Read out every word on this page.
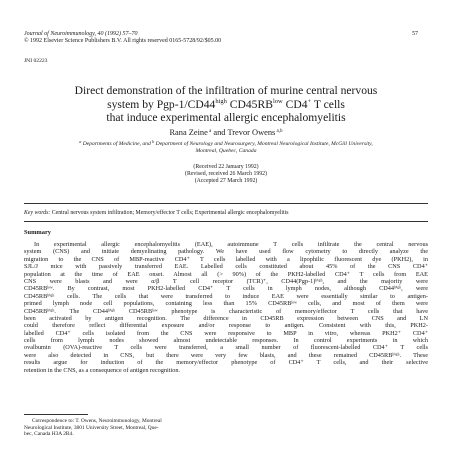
Journal of Neuroimmunology, 40 (1992) 57–70
© 1992 Elsevier Science Publishers B.V. All rights reserved 0165-5728/92/$05.00
57
JNI 02223
Direct demonstration of the infiltration of murine central nervous
system by Pgp-$1/CD44^{high}$ $CD45RB^{low}$ CD4+ T cells
that induce experimental allergic encephalomyelitis
Rana Zeine $^a$ and Trevor Owens $^{a,b}$
$^a$ Departments of Medicine, and $^b$ Department of Neurology and Neurosurgery, Montreal Neurological Institute, McGill University,
Montreal, Quebec, Canada
(Received 22 January 1992)
(Revised, received 26 March 1992)
(Accepted 27 March 1992)
Key words: Central nervous system infiltration; Memory/effector T cells; Experimental allergic encephalomyelitis
Summary
In experimental allergic encephalomyelitis (EAE), autoimmune T cells infiltrate the central nervous
system (CNS) and initiate demyelinating pathology. We have used flow cytometry to directly analyze the
migration to the CNS of MBP-reactive CD4⁺ T cells labelled with a lipophilic fluorescent dye (PKH2), in
SJL/J mice with passively transferred EAE. Labelled cells constituted about 45% of the CNS CD4⁺
population at the time of EAE onset. Almost all (> 90%) of the PKH2-labelled CD4⁺ T cells from EAE
CNS were blasts and were α/β T cell receptor (TCR)⁺, CD44(Pgp-1)ʰⁱᵍʰ, and the majority were
CD45RBˡᵒʷ. By contrast, most PKH2-labelled CD4⁺ T cells in lymph nodes, although CD44ʰⁱᵍʰ, were
CD45RBʰⁱᵍʰ cells. The cells that were transferred to induce EAE were essentially similar to antigen-
primed lymph node cell populations, containing less than 15% CD45RBˡᵒʷ cells, and most of them were
CD45RBʰⁱᵍʰ. The CD44ʰⁱᵍʰ CD45RBˡᵒʷ phenotype is characteristic of memory/effector T cells that have
been activated by antigen recognition. The difference in CD45RB expression between CNS and LN
could therefore reflect differential exposure and/or response to antigen. Consistent with this, PKH2-
labelled CD4⁺ cells isolated from the CNS were responsive to MBP in vitro, whereas PKH2⁺ CD4⁺
cells from lymph nodes showed almost undetectable responses. In control experiments in which
ovalbumin (OVA)-reactive T cells were transferred, a small number of fluorescent-labelled CD4⁺ T cells
were also detected in CNS, but there were very few blasts, and these remained CD45RBʰⁱᵍʰ. These
results argue for induction of the memory/effector phenotype of CD4⁺ T cells, and their selective
retention in the CNS, as a consequence of antigen recognition.
Correspondence to: T. Owens, Neuroimmunology, Montreal
Neurological Institute, 3801 University Street, Montreal, Que-
bec, Canada H3A 2B4.
